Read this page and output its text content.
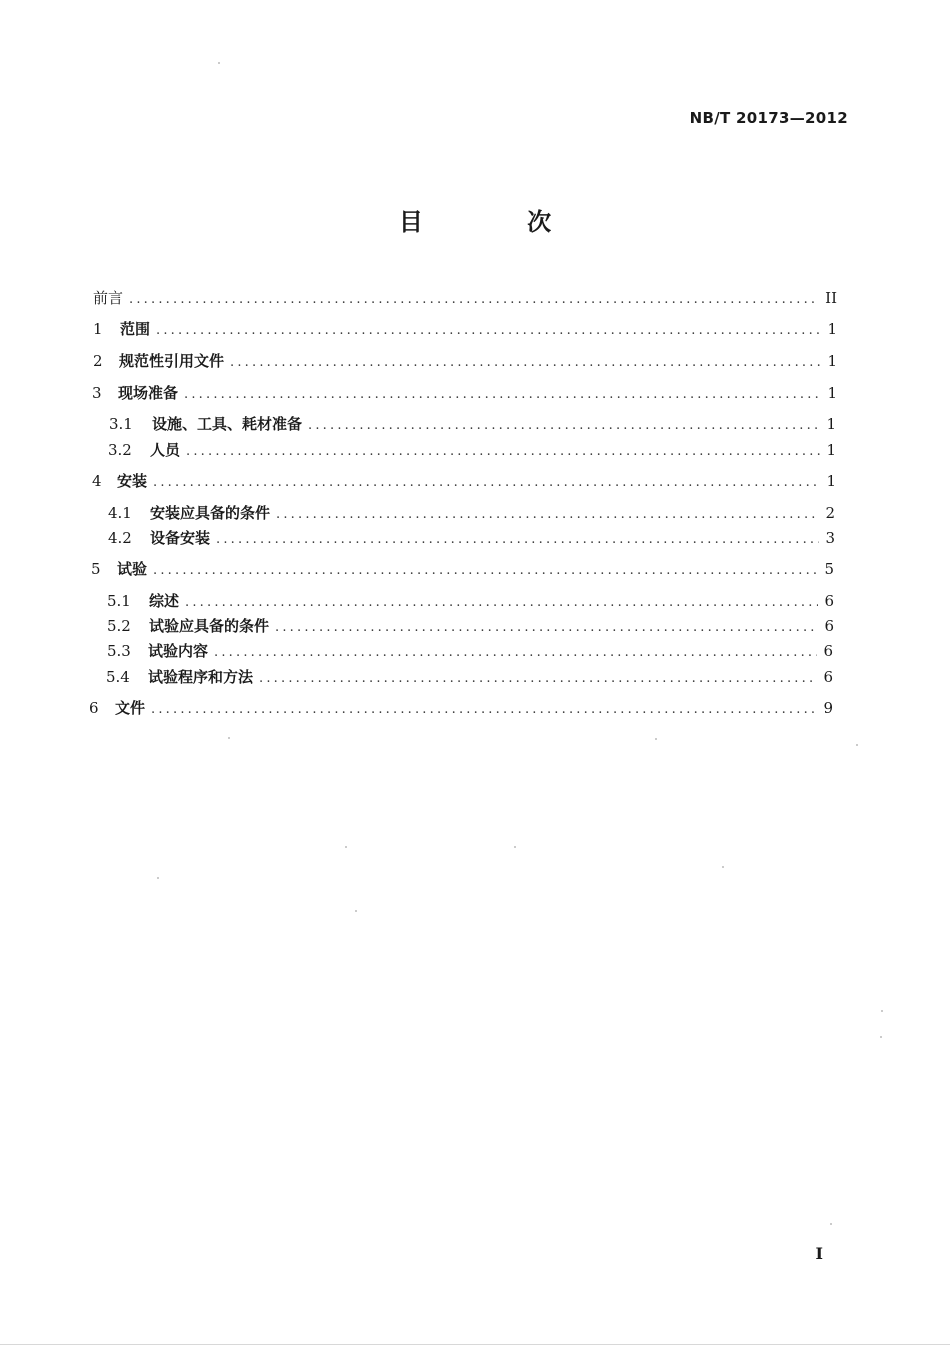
NB/T 20173—2012
目 次
前言 .....	II
1	范围 .....	1
2	规范性引用文件 .....	1
3	现场准备 .....	1
3.1	设施、工具、耗材准备 .....	1
3.2	人员 .....	1
4	安装 .....	1
4.1	安装应具备的条件 .....	2
4.2	设备安装 .....	3
5	试验 .....	5
5.1	综述 .....	6
5.2	试验应具备的条件 .....	6
5.3	试验内容 .....	6
5.4	试验程序和方法 .....	6
6	文件 .....	9
I
